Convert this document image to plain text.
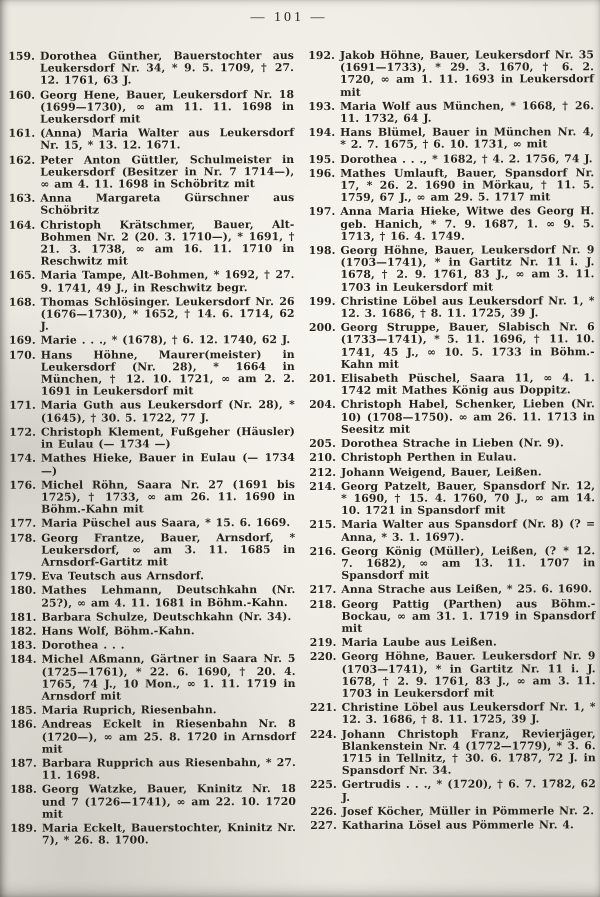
— 101 —
159. Dorothea Günther, Bauerstochter aus Leukersdorf Nr. 34, * 9. 5. 1709, † 27. 12. 1761, 63 J.
160. Georg Hene, Bauer, Leukersdorf Nr. 18 (1699—1730), ∞ am 11. 11. 1698 in Leukersdorf mit
161. (Anna) Maria Walter aus Leukersdorf Nr. 15, * 13. 12. 1671.
162. Peter Anton Güttler, Schulmeister in Leukersdorf (Besitzer in Nr. 7 1714—), ∞ am 4. 11. 1698 in Schöbritz mit
163. Anna Margareta Gürschner aus Schöbritz
164. Christoph Krätschmer, Bauer, Alt-Bohmen Nr. 2 (20. 3. 1710—), * 1691, † 21. 3. 1738, ∞ am 16. 11. 1710 in Reschwitz mit
165. Maria Tampe, Alt-Bohmen, * 1692, † 27. 9. 1741, 49 J., in Reschwitz begr.
168. Thomas Schlösinger. Leukersdorf Nr. 26 (1676—1730), * 1652, † 14. 6. 1714, 62 J.
169. Marie . . ., * (1678), † 6. 12. 1740, 62 J.
170. Hans Höhne, Maurer(meister) in Leukersdorf (Nr. 28), * 1664 in München, † 12. 10. 1721, ∞ am 2. 2. 1691 in Leukersdorf mit
171. Maria Guth aus Leukersdorf (Nr. 28), * (1645), † 30. 5. 1722, 77 J.
172. Christoph Klement, Fußgeher (Häusler) in Eulau (— 1734 —)
174. Mathes Hieke, Bauer in Eulau (— 1734 —)
176. Michel Röhn, Saara Nr. 27 (1691 bis 1725), † 1733, ∞ am 26. 11. 1690 in Böhm.-Kahn mit
177. Maria Püschel aus Saara, * 15. 6. 1669.
178. Georg Frantze, Bauer, Arnsdorf, * Leukersdorf, ∞ am 3. 11. 1685 in Arnsdorf-Gartitz mit
179. Eva Teutsch aus Arnsdorf.
180. Mathes Lehmann, Deutschkahn (Nr. 25?), ∞ am 4. 11. 1681 in Böhm.-Kahn.
181. Barbara Schulze, Deutschkahn (Nr. 34).
182. Hans Wolf, Böhm.-Kahn.
183. Dorothea . . .
184. Michel Aßmann, Gärtner in Saara Nr. 5 (1725—1761), * 22. 6. 1690, † 20. 4. 1765, 74 J., 10 Mon., ∞ 1. 11. 1719 in Arnsdorf mit
185. Maria Ruprich, Riesenbahn.
186. Andreas Eckelt in Riesenbahn Nr. 8 (1720—), ∞ am 25. 8. 1720 in Arnsdorf mit
187. Barbara Rupprich aus Riesenbahn, * 27. 11. 1698.
188. Georg Watzke, Bauer, Kninitz Nr. 18 und 7 (1726—1741), ∞ am 22. 10. 1720 mit
189. Maria Eckelt, Bauerstochter, Kninitz Nr. 7), * 26. 8. 1700.
192. Jakob Höhne, Bauer, Leukersdorf Nr. 35 (1691—1733), * 29. 3. 1670, † 6. 2. 1720, ∞ am 1. 11. 1693 in Leukersdorf mit
193. Maria Wolf aus München, * 1668, † 26. 11. 1732, 64 J.
194. Hans Blümel, Bauer in München Nr. 4, * 2. 7. 1675, † 6. 10. 1731, ∞ mit
195. Dorothea . . ., * 1682, † 4. 2. 1756, 74 J.
196. Mathes Umlauft, Bauer, Spansdorf Nr. 17, * 26. 2. 1690 in Mörkau, † 11. 5. 1759, 67 J., ∞ am 29. 5. 1717 mit
197. Anna Maria Hieke, Witwe des Georg H. geb. Hanich, * 7. 9. 1687, 1. ∞ 9. 5. 1713, † 16. 4. 1749.
198. Georg Höhne, Bauer, Leukersdorf Nr. 9 (1703—1741), * in Gartitz Nr. 11 i. J. 1678, † 2. 9. 1761, 83 J., ∞ am 3. 11. 1703 in Leukersdorf mit
199. Christine Löbel aus Leukersdorf Nr. 1, * 12. 3. 1686, † 8. 11. 1725, 39 J.
200. Georg Struppe, Bauer, Slabisch Nr. 6 (1733—1741), * 5. 11. 1696, † 11. 10. 1741, 45 J., ∞ 10. 5. 1733 in Böhm.-Kahn mit
201. Elisabeth Püschel, Saara 11, ∞ 4. 1. 1742 mit Mathes König aus Doppitz.
204. Christoph Habel, Schenker, Lieben (Nr. 10) (1708—1750). ∞ am 26. 11. 1713 in Seesitz mit
205. Dorothea Strache in Lieben (Nr. 9).
210. Christoph Perthen in Eulau.
212. Johann Weigend, Bauer, Leißen.
214. Georg Patzelt, Bauer, Spansdorf Nr. 12, * 1690, † 15. 4. 1760, 70 J., ∞ am 14. 10. 1721 in Spansdorf mit
215. Maria Walter aus Spansdorf (Nr. 8) (? = Anna, * 3. 1. 1697).
216. Georg König (Müller), Leißen, (? * 12. 7. 1682), ∞ am 13. 11. 1707 in Spansdorf mit
217. Anna Strache aus Leißen, * 25. 6. 1690.
218. Georg Pattig (Parthen) aus Böhm.-Bockau, ∞ am 31. 1. 1719 in Spansdorf mit
219. Maria Laube aus Leißen.
220. Georg Höhne, Bauer. Leukersdorf Nr. 9 (1703—1741), * in Gartitz Nr. 11 i. J. 1678, † 2. 9. 1761, 83 J., ∞ am 3. 11. 1703 in Leukersdorf mit
221. Christine Löbel aus Leukersdorf Nr. 1, * 12. 3. 1686, † 8. 11. 1725, 39 J.
224. Johann Christoph Franz, Revierjäger, Blankenstein Nr. 4 (1772—1779), * 3. 6. 1715 in Tellnitz, † 30. 6. 1787, 72 J. in Spansdorf Nr. 34.
225. Gertrudis . . ., * (1720), † 6. 7. 1782, 62 J.
226. Josef Köcher, Müller in Pömmerle Nr. 2.
227. Katharina Lösel aus Pömmerle Nr. 4.
